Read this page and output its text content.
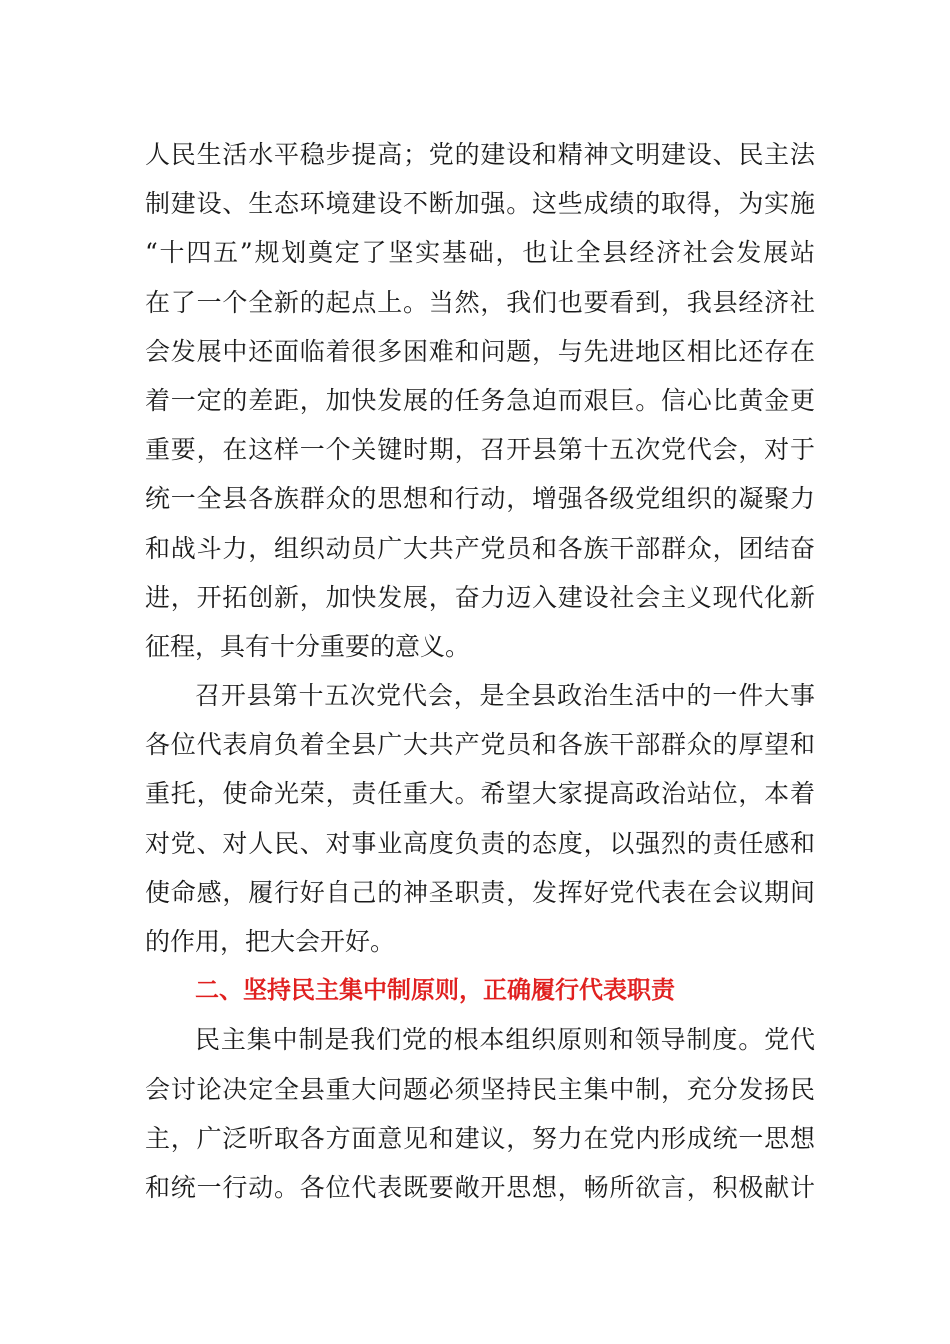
人民生活水平稳步提高；党的建设和精神文明建设、民主法
制建设、生态环境建设不断加强。这些成绩的取得，为实施
“十四五”规划奠定了坚实基础，也让全县经济社会发展站
在了一个全新的起点上。当然，我们也要看到，我县经济社
会发展中还面临着很多困难和问题，与先进地区相比还存在
着一定的差距，加快发展的任务急迫而艰巨。信心比黄金更
重要，在这样一个关键时期，召开县第十五次党代会，对于
统一全县各族群众的思想和行动，增强各级党组织的凝聚力
和战斗力，组织动员广大共产党员和各族干部群众，团结奋
进，开拓创新，加快发展，奋力迈入建设社会主义现代化新
征程，具有十分重要的意义。
召开县第十五次党代会，是全县政治生活中的一件大事
各位代表肩负着全县广大共产党员和各族干部群众的厚望和
重托，使命光荣，责任重大。希望大家提高政治站位，本着
对党、对人民、对事业高度负责的态度，以强烈的责任感和
使命感，履行好自己的神圣职责，发挥好党代表在会议期间
的作用，把大会开好。
二、坚持民主集中制原则，正确履行代表职责
民主集中制是我们党的根本组织原则和领导制度。党代
会讨论决定全县重大问题必须坚持民主集中制，充分发扬民
主，广泛听取各方面意见和建议，努力在党内形成统一思想
和统一行动。各位代表既要敞开思想，畅所欲言，积极献计
